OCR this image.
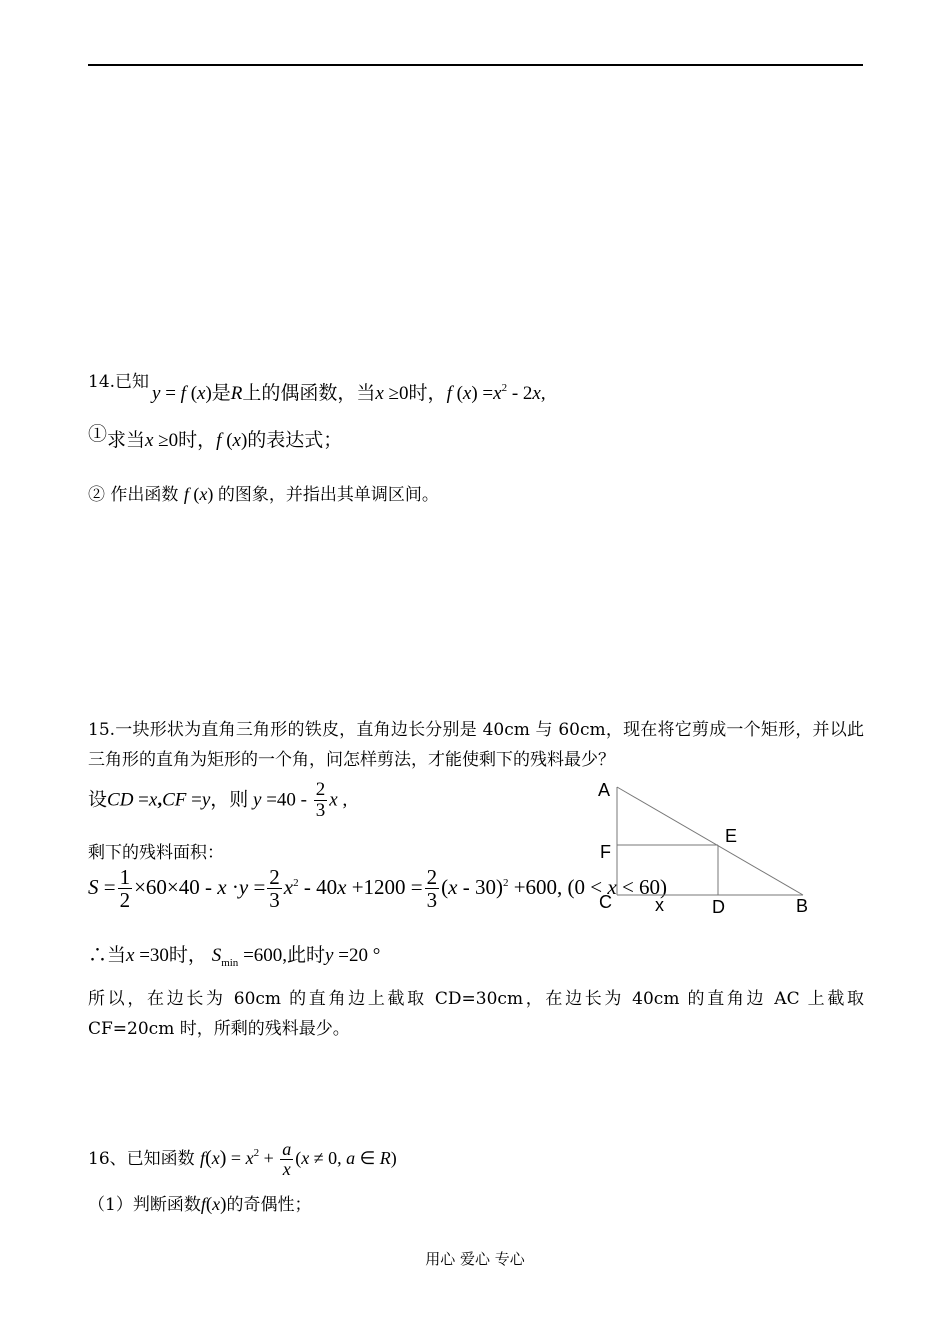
14.已知
y = f (x)是R上的偶函数，当x ≥0时，f $(x) =x^2 - 2x$,
①求当x ≥0时，f (x)的表达式；
② 作出函数 f (x) 的图象，并指出其单调区间。
15.一块形状为直角三角形的铁皮，直角边长分别是 40cm 与 60cm，现在将它剪成一个矩形，并以此三角形的直角为矩形的一个角，问怎样剪法，才能使剩下的残料最少？
设CD =x,CF =y，则 $y =40 - \frac{2}{3}$ x ,
剩下的残料面积：
$S = \frac{1}{2} \times 60\times 40 - x \cdot y = \frac{2}{3} x^2 - 40x +1200 = \frac{2}{3} (x - 30)^2 +600$, (0 < x < 60)
A
E
F
C x	D	B
∴当x =30时， $S_{min} =600$,此时y =20 °
所以，在边长为 60cm 的直角边上截取 CD=30cm，在边长为 40cm 的直角边 AC 上截取 CF=20cm 时，所剩的残料最少。
16、已知函数 $f(x) = x^2 + \frac{a}{x} (x \ne 0$, a ∈ R)
（1）判断函数f(x)的奇偶性；
用心 爱心 专心
